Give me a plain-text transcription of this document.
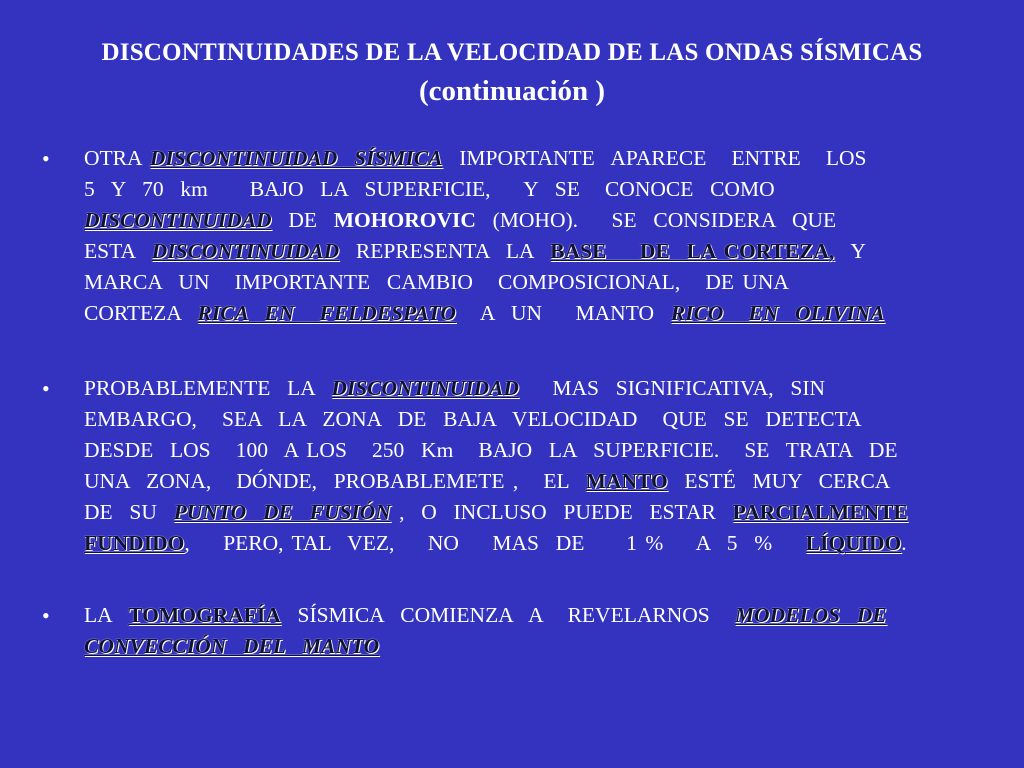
DISCONTINUIDADES DE LA VELOCIDAD DE LAS ONDAS SÍSMICAS
(continuación )
• OTRA DISCONTINUIDAD  SÍSMICA  IMPORTANTE  APARECE   ENTRE   LOS
5  Y  70  km     BAJO  LA  SUPERFICIE,    Y  SE   CONOCE  COMO
DISCONTINUIDAD  DE  MOHOROVIC  (MOHO).    SE  CONSIDERA  QUE
ESTA  DISCONTINUIDAD  REPRESENTA  LA  BASE    DE  LA CORTEZA,  Y
MARCA  UN   IMPORTANTE  CAMBIO   COMPOSICIONAL,   DE UNA
CORTEZA  RICA  EN   FELDESPATO   A  UN    MANTO  RICO   EN  OLIVINA
• PROBABLEMENTE  LA  DISCONTINUIDAD    MAS  SIGNIFICATIVA,  SIN
EMBARGO,   SEA  LA  ZONA  DE  BAJA  VELOCIDAD   QUE  SE  DETECTA
DESDE  LOS   100  A LOS   250  Km   BAJO  LA  SUPERFICIE.   SE  TRATA  DE
UNA  ZONA,   DÓNDE,  PROBABLEMETE ,   EL  MANTO  ESTÉ  MUY  CERCA
DE  SU  PUNTO  DE  FUSIÓN ,  O  INCLUSO  PUEDE  ESTAR  PARCIALMENTE
FUNDIDO,    PERO, TAL  VEZ,    NO    MAS  DE     1 %    A  5  %    LÍQUIDO.
• LA  TOMOGRAFÍA  SÍSMICA  COMIENZA  A   REVELARNOS   MODELOS  DE
CONVECCIÓN  DEL  MANTO
